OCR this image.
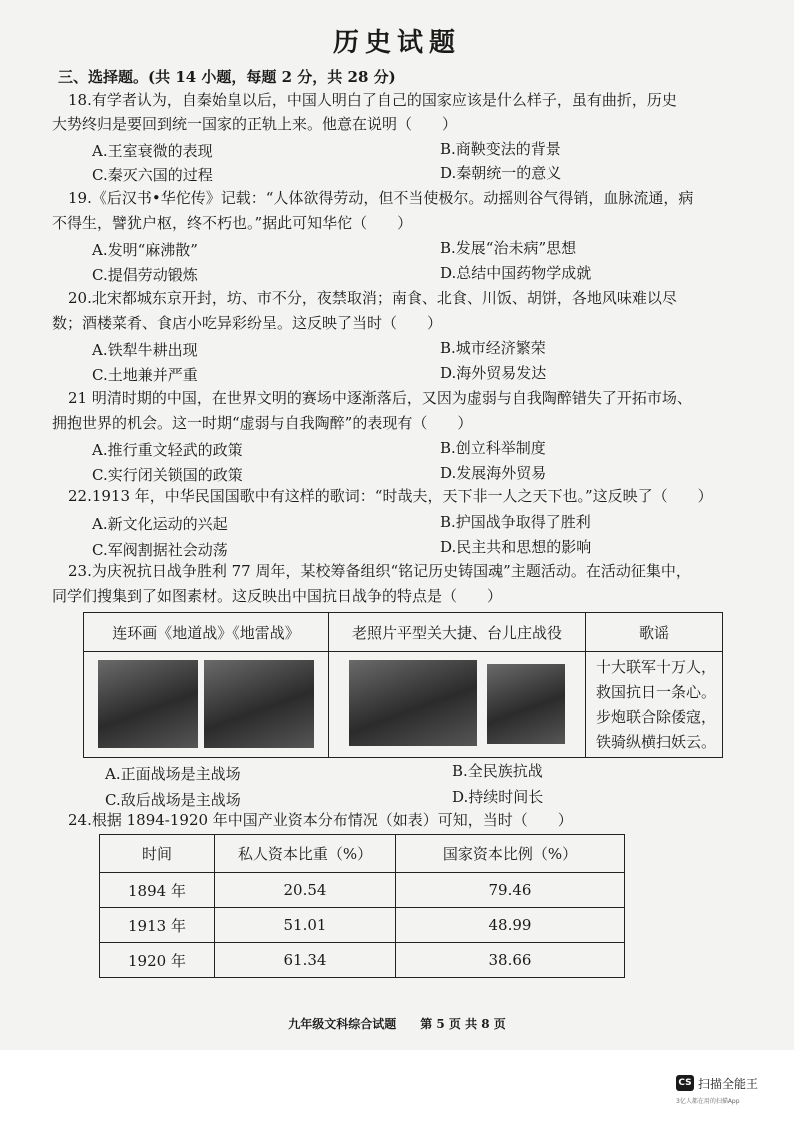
历史试题
三、选择题。(共 14 小题，每题 2 分，共 28 分)
18.有学者认为，自秦始皇以后，中国人明白了自己的国家应该是什么样子，虽有曲折，历史
大势终归是要回到统一国家的正轨上来。他意在说明（　　）
A.王室衰微的表现	B.商鞅变法的背景
C.秦灭六国的过程	D.秦朝统一的意义
19.《后汉书•华佗传》记载：“人体欲得劳动，但不当使极尔。动摇则谷气得销，血脉流通，病
不得生，譬犹户枢，终不朽也。”据此可知华佗（　　）
A.发明“麻沸散”	B.发展“治未病”思想
C.提倡劳动锻炼	D.总结中国药物学成就
20.北宋都城东京开封，坊、市不分，夜禁取消；南食、北食、川饭、胡饼，各地风味难以尽
数；酒楼菜肴、食店小吃异彩纷呈。这反映了当时（　　）
A.铁犁牛耕出现	B.城市经济繁荣
C.土地兼并严重	D.海外贸易发达
21 明清时期的中国，在世界文明的赛场中逐渐落后，又因为虚弱与自我陶醉错失了开拓市场、
拥抱世界的机会。这一时期“虚弱与自我陶醉”的表现有（　　）
A.推行重文轻武的政策	B.创立科举制度
C.实行闭关锁国的政策	D.发展海外贸易
22.1913 年，中华民国国歌中有这样的歌词：“时哉夫，天下非一人之天下也。”这反映了（　　）
A.新文化运动的兴起	B.护国战争取得了胜利
C.军阀割据社会动荡	D.民主共和思想的影响
23.为庆祝抗日战争胜利 77 周年，某校筹备组织“铭记历史铸国魂”主题活动。在活动征集中，
同学们搜集到了如图素材。这反映出中国抗日战争的特点是（　　）
连环画《地道战》《地雷战》	老照片平型关大捷、台儿庄战役	歌谣

		十大联军十万人，
救国抗日一条心。
步炮联合除倭寇，
铁骑纵横扫妖云。
A.正面战场是主战场	B.全民族抗战
C.敌后战场是主战场	D.持续时间长
24.根据 1894-1920 年中国产业资本分布情况（如表）可知，当时（　　）
时间	私人资本比重（%）	国家资本比例（%）
1894 年	20.54	79.46
1913 年	51.01	48.99
1920 年	61.34	38.66
九年级文科综合试题　　第 5 页 共 8 页
CS 扫描全能王
3亿人都在用的扫描App
